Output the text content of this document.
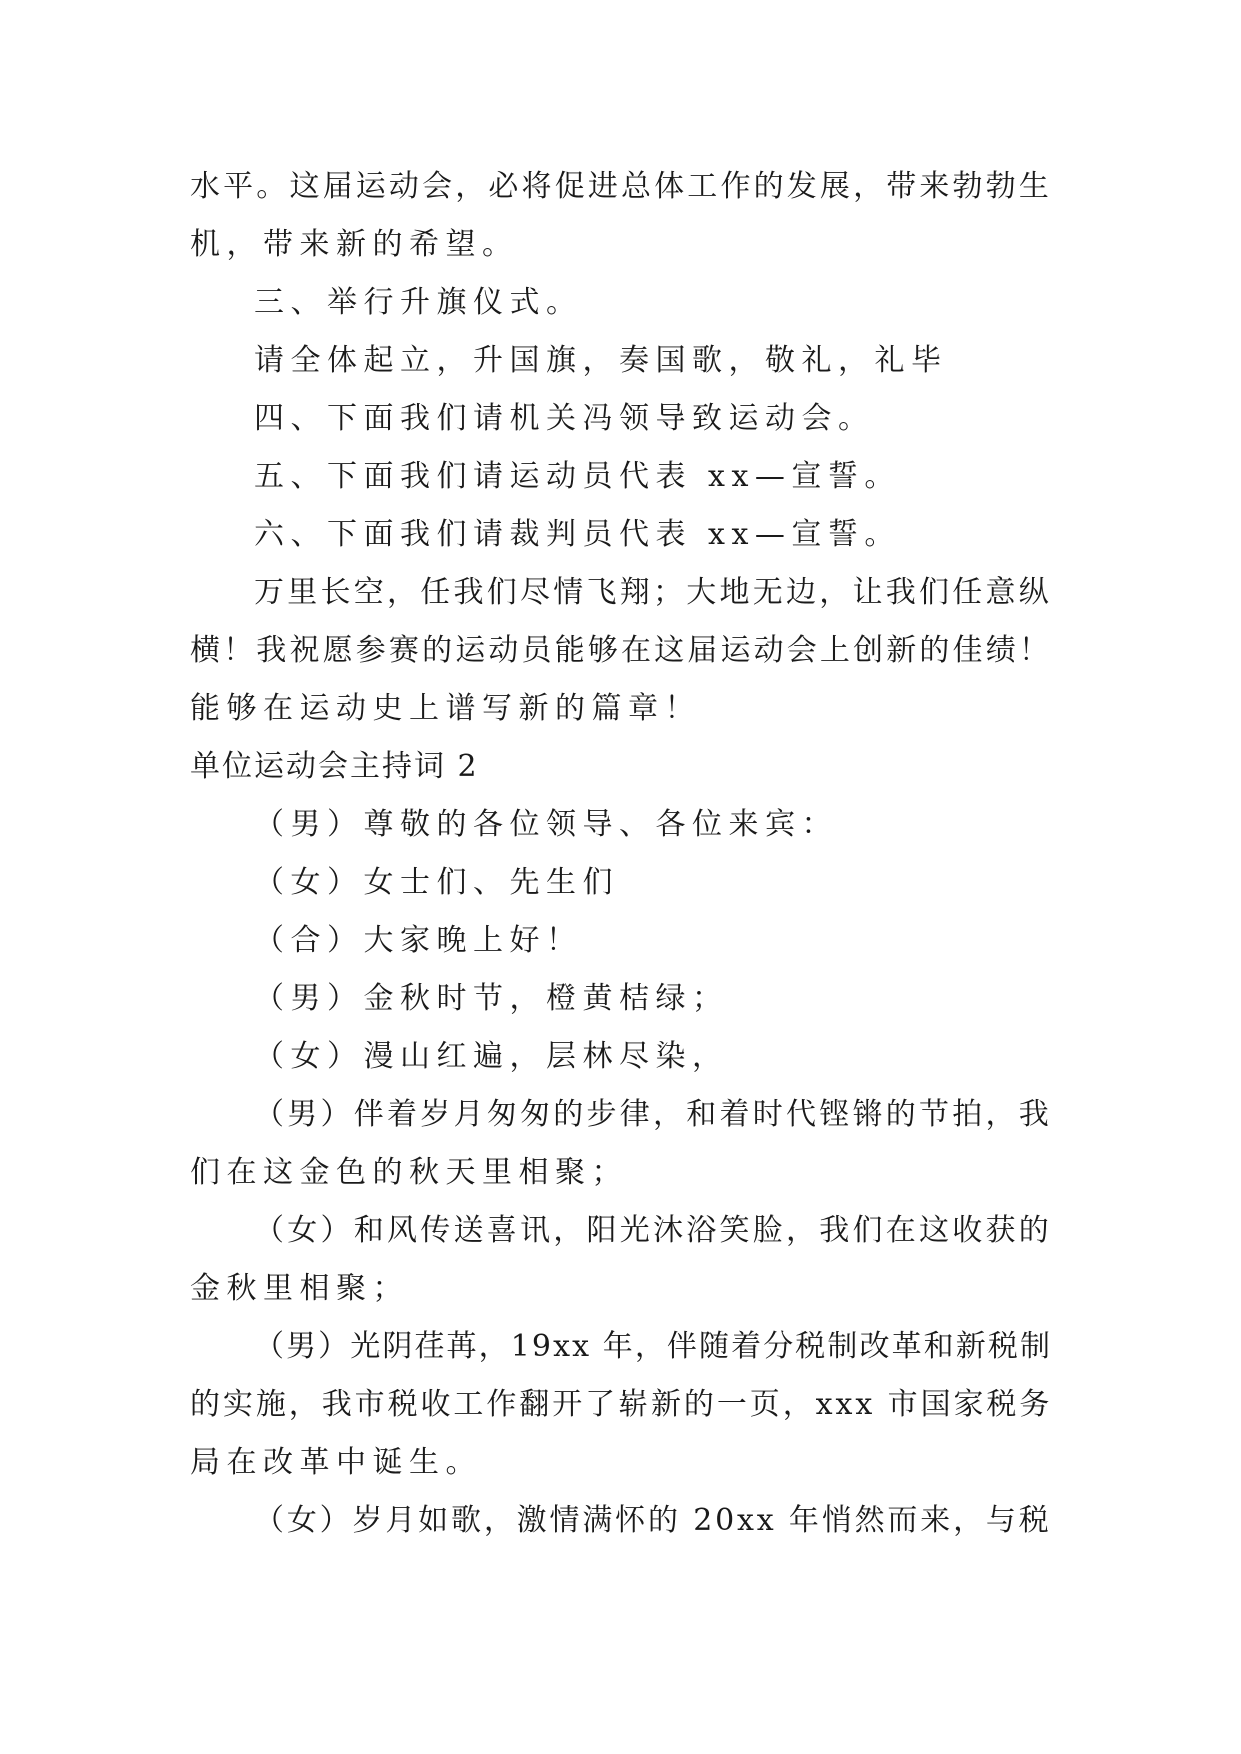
水平。这届运动会，必将促进总体工作的发展，带来勃勃生
机，带来新的希望。
三、举行升旗仪式。
请全体起立，升国旗，奏国歌，敬礼，礼毕
四、下面我们请机关冯领导致运动会。
五、下面我们请运动员代表 xx—宣誓。
六、下面我们请裁判员代表 xx—宣誓。
万里长空，任我们尽情飞翔；大地无边，让我们任意纵
横！我祝愿参赛的运动员能够在这届运动会上创新的佳绩！
能够在运动史上谱写新的篇章！
单位运动会主持词 2
（男）尊敬的各位领导、各位来宾：
（女）女士们、先生们
（合）大家晚上好！
（男）金秋时节，橙黄桔绿；
（女）漫山红遍，层林尽染，
（男）伴着岁月匆匆的步律，和着时代铿锵的节拍，我
们在这金色的秋天里相聚；
（女）和风传送喜讯，阳光沐浴笑脸，我们在这收获的
金秋里相聚；
（男）光阴荏苒，19xx 年，伴随着分税制改革和新税制
的实施，我市税收工作翻开了崭新的一页，xxx 市国家税务
局在改革中诞生。
（女）岁月如歌，激情满怀的 20xx 年悄然而来，与税
